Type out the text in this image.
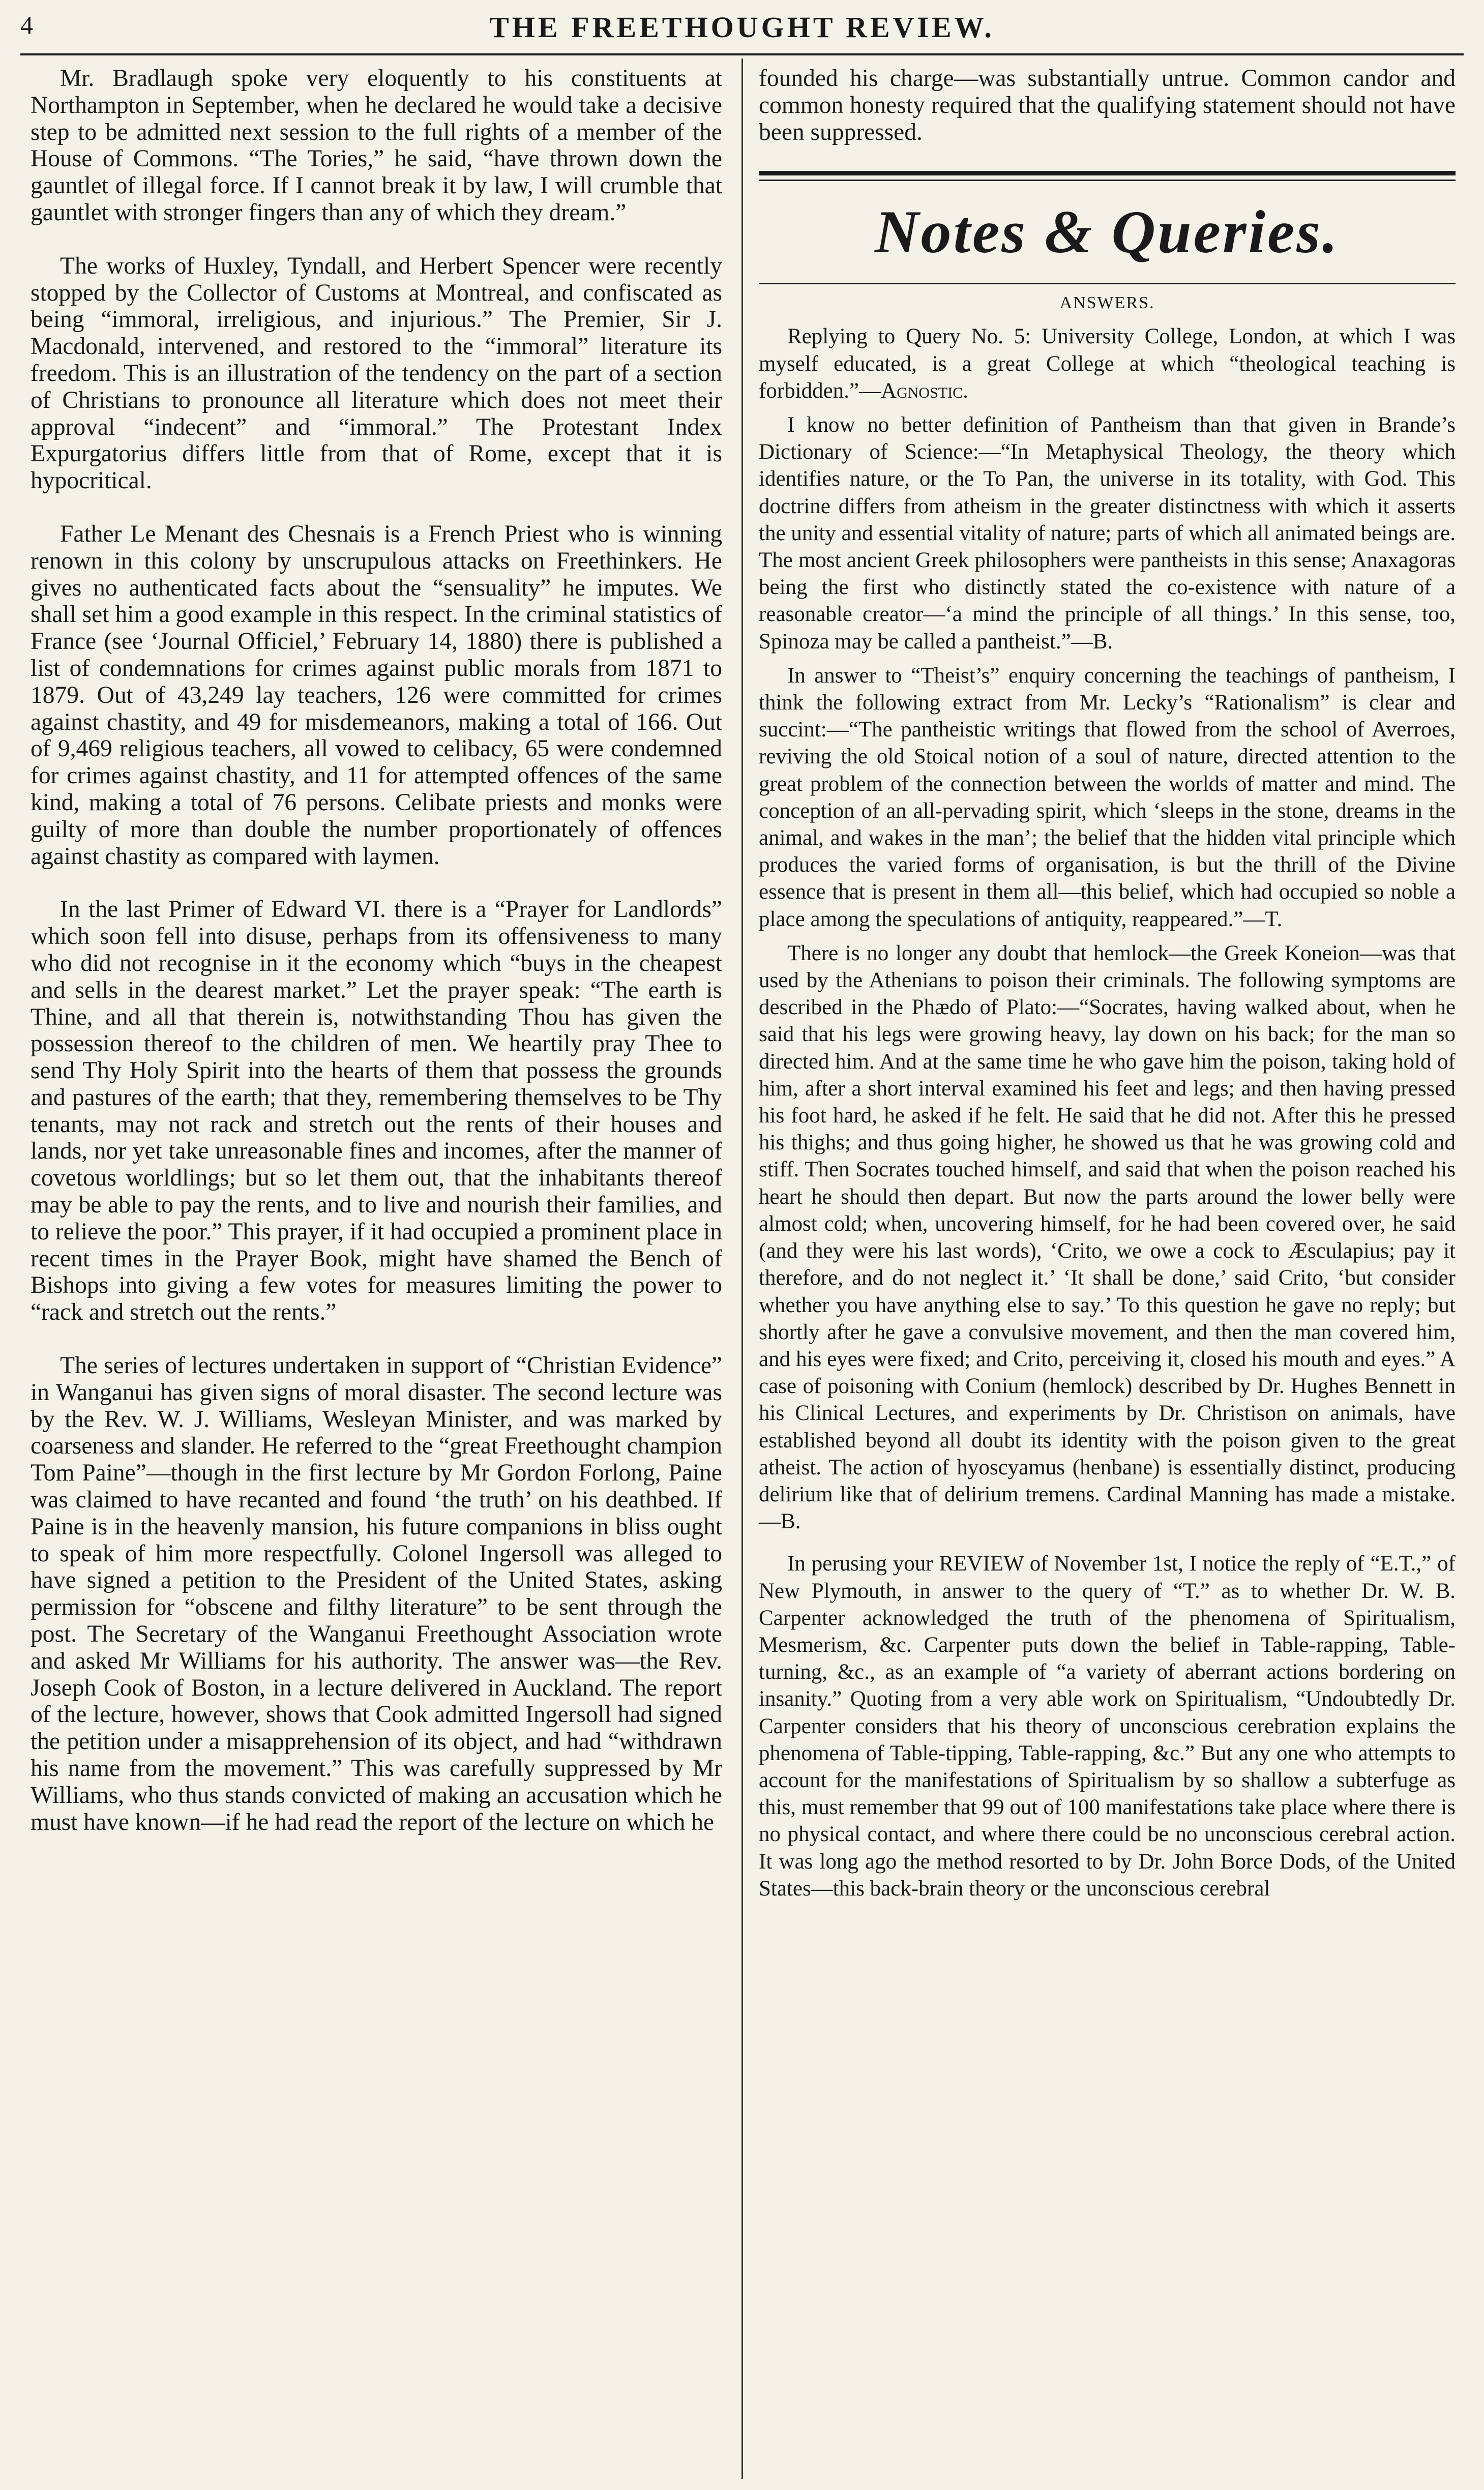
4	THE FREETHOUGHT REVIEW.

Mr. Bradlaugh spoke very eloquently to his constituents at Northampton in September, when he declared he would take a decisive step to be admitted next session to the full rights of a member of the House of Commons. “The Tories,” he said, “have thrown down the gauntlet of illegal force. If I cannot break it by law, I will crumble that gauntlet with stronger fingers than any of which they dream.”

The works of Huxley, Tyndall, and Herbert Spencer were recently stopped by the Collector of Customs at Montreal, and confiscated as being “immoral, irreligious, and injurious.” The Premier, Sir J. Macdonald, intervened, and restored to the “immoral” literature its freedom. This is an illustration of the tendency on the part of a section of Christians to pronounce all literature which does not meet their approval “indecent” and “immoral.” The Protestant Index Expurgatorius differs little from that of Rome, except that it is hypocritical.

Father Le Menant des Chesnais is a French Priest who is winning renown in this colony by unscrupulous attacks on Freethinkers. He gives no authenticated facts about the “sensuality” he imputes. We shall set him a good example in this respect. In the criminal statistics of France (see ‘Journal Officiel,’ February 14, 1880) there is published a list of condemnations for crimes against public morals from 1871 to 1879. Out of 43,249 lay teachers, 126 were committed for crimes against chastity, and 49 for misdemeanors, making a total of 166. Out of 9,469 religious teachers, all vowed to celibacy, 65 were condemned for crimes against chastity, and 11 for attempted offences of the same kind, making a total of 76 persons. Celibate priests and monks were guilty of more than double the number proportionately of offences against chastity as compared with laymen.

In the last Primer of Edward VI. there is a “Prayer for Landlords” which soon fell into disuse, perhaps from its offensiveness to many who did not recognise in it the economy which “buys in the cheapest and sells in the dearest market.” Let the prayer speak: “The earth is Thine, and all that therein is, notwithstanding Thou has given the possession thereof to the children of men. We heartily pray Thee to send Thy Holy Spirit into the hearts of them that possess the grounds and pastures of the earth; that they, remembering themselves to be Thy tenants, may not rack and stretch out the rents of their houses and lands, nor yet take unreasonable fines and incomes, after the manner of covetous worldlings; but so let them out, that the inhabitants thereof may be able to pay the rents, and to live and nourish their families, and to relieve the poor.” This prayer, if it had occupied a prominent place in recent times in the Prayer Book, might have shamed the Bench of Bishops into giving a few votes for measures limiting the power to “rack and stretch out the rents.”

The series of lectures undertaken in support of “Christian Evidence” in Wanganui has given signs of moral disaster. The second lecture was by the Rev. W. J. Williams, Wesleyan Minister, and was marked by coarseness and slander. He referred to the “great Freethought champion Tom Paine”—though in the first lecture by Mr Gordon Forlong, Paine was claimed to have recanted and found ‘the truth’ on his deathbed. If Paine is in the heavenly mansion, his future companions in bliss ought to speak of him more respectfully. Colonel Ingersoll was alleged to have signed a petition to the President of the United States, asking permission for “obscene and filthy literature” to be sent through the post. The Secretary of the Wanganui Freethought Association wrote and asked Mr Williams for his authority. The answer was—the Rev. Joseph Cook of Boston, in a lecture delivered in Auckland. The report of the lecture, however, shows that Cook admitted Ingersoll had signed the petition under a misapprehension of its object, and had “withdrawn his name from the movement.” This was carefully suppressed by Mr Williams, who thus stands convicted of making an accusation which he must have known—if he had read the report of the lecture on which he

founded his charge—was substantially untrue. Common candor and common honesty required that the qualifying statement should not have been suppressed.

Notes & Queries.
ANSWERS.

Replying to Query No. 5: University College, London, at which I was myself educated, is a great College at which “theological teaching is forbidden.”—Agnostic.

I know no better definition of Pantheism than that given in Brande’s Dictionary of Science:—“In Metaphysical Theology, the theory which identifies nature, or the To Pan, the universe in its totality, with God. This doctrine differs from atheism in the greater distinctness with which it asserts the unity and essential vitality of nature; parts of which all animated beings are. The most ancient Greek philosophers were pantheists in this sense; Anaxagoras being the first who distinctly stated the co-existence with nature of a reasonable creator—‘a mind the principle of all things.’ In this sense, too, Spinoza may be called a pantheist.”—B.

In answer to “Theist’s” enquiry concerning the teachings of pantheism, I think the following extract from Mr. Lecky’s “Rationalism” is clear and succint:—“The pantheistic writings that flowed from the school of Averroes, reviving the old Stoical notion of a soul of nature, directed attention to the great problem of the connection between the worlds of matter and mind. The conception of an all-pervading spirit, which ‘sleeps in the stone, dreams in the animal, and wakes in the man’; the belief that the hidden vital principle which produces the varied forms of organisation, is but the thrill of the Divine essence that is present in them all—this belief, which had occupied so noble a place among the speculations of antiquity, reappeared.”—T.

There is no longer any doubt that hemlock—the Greek Koneion—was that used by the Athenians to poison their criminals. The following symptoms are described in the Phædo of Plato:—“Socrates, having walked about, when he said that his legs were growing heavy, lay down on his back; for the man so directed him. And at the same time he who gave him the poison, taking hold of him, after a short interval examined his feet and legs; and then having pressed his foot hard, he asked if he felt. He said that he did not. After this he pressed his thighs; and thus going higher, he showed us that he was growing cold and stiff. Then Socrates touched himself, and said that when the poison reached his heart he should then depart. But now the parts around the lower belly were almost cold; when, uncovering himself, for he had been covered over, he said (and they were his last words), ‘Crito, we owe a cock to Æsculapius; pay it therefore, and do not neglect it.’ ‘It shall be done,’ said Crito, ‘but consider whether you have anything else to say.’ To this question he gave no reply; but shortly after he gave a convulsive movement, and then the man covered him, and his eyes were fixed; and Crito, perceiving it, closed his mouth and eyes.” A case of poisoning with Conium (hemlock) described by Dr. Hughes Bennett in his Clinical Lectures, and experiments by Dr. Christison on animals, have established beyond all doubt its identity with the poison given to the great atheist. The action of hyoscyamus (henbane) is essentially distinct, producing delirium like that of delirium tremens. Cardinal Manning has made a mistake.—B.

In perusing your REVIEW of November 1st, I notice the reply of “E.T.,” of New Plymouth, in answer to the query of “T.” as to whether Dr. W. B. Carpenter acknowledged the truth of the phenomena of Spiritualism, Mesmerism, &c. Carpenter puts down the belief in Table-rapping, Table-turning, &c., as an example of “a variety of aberrant actions bordering on insanity.” Quoting from a very able work on Spiritualism, “Undoubtedly Dr. Carpenter considers that his theory of unconscious cerebration explains the phenomena of Table-tipping, Table-rapping, &c.” But any one who attempts to account for the manifestations of Spiritualism by so shallow a subterfuge as this, must remember that 99 out of 100 manifestations take place where there is no physical contact, and where there could be no unconscious cerebral action. It was long ago the method resorted to by Dr. John Borce Dods, of the United States—this back-brain theory or the unconscious cerebral
